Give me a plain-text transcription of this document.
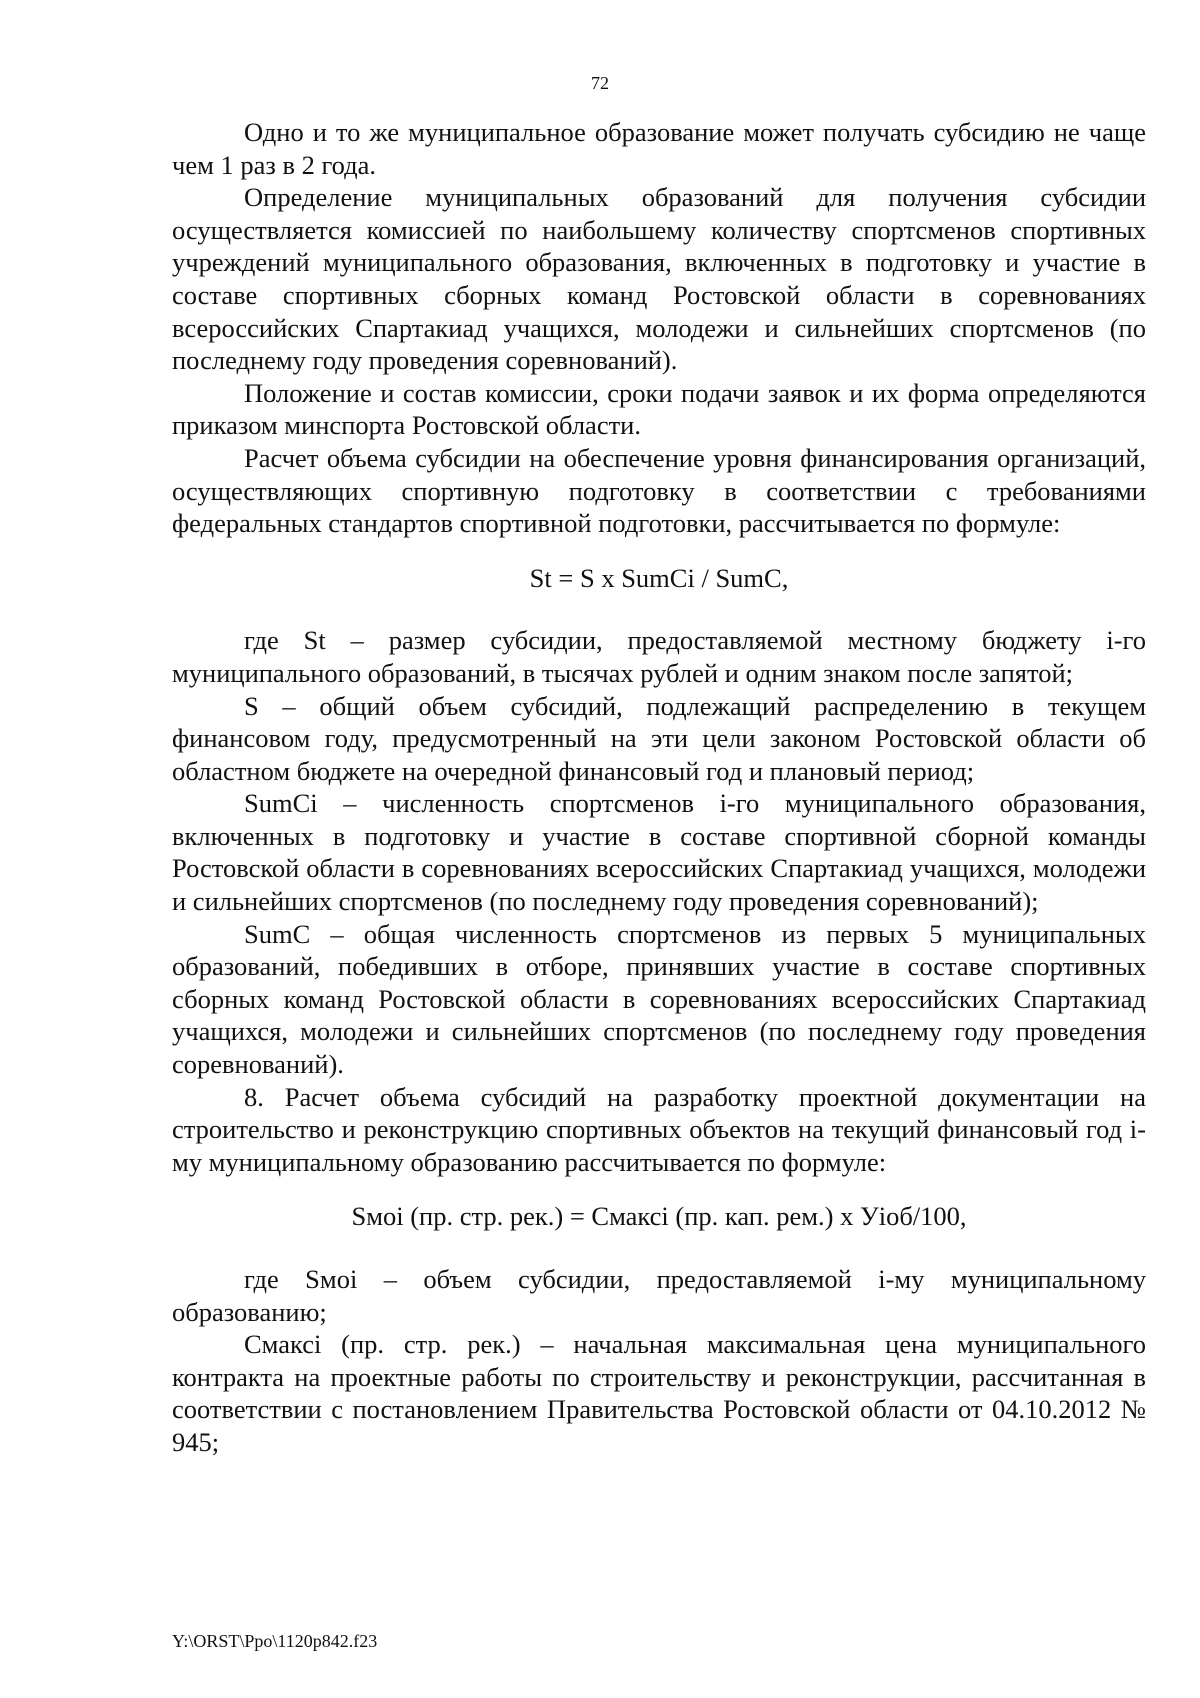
72

Одно и то же муниципальное образование может получать субсидию не чаще чем 1 раз в 2 года.

Определение муниципальных образований для получения субсидии осуществляется комиссией по наибольшему количеству спортсменов спортивных учреждений муниципального образования, включенных в подготовку и участие в составе спортивных сборных команд Ростовской области в соревнованиях всероссийских Спартакиад учащихся, молодежи и сильнейших спортсменов (по последнему году проведения соревнований).

Положение и состав комиссии, сроки подачи заявок и их форма определяются приказом минспорта Ростовской области.

Расчет объема субсидии на обеспечение уровня финансирования организаций, осуществляющих спортивную подготовку в соответствии с требованиями федеральных стандартов спортивной подготовки, рассчитывается по формуле:

St = S x SumCi / SumC,

где St – размер субсидии, предоставляемой местному бюджету i-го муниципального образований, в тысячах рублей и одним знаком после запятой;

S – общий объем субсидий, подлежащий распределению в текущем финансовом году, предусмотренный на эти цели законом Ростовской области об областном бюджете на очередной финансовый год и плановый период;

SumCi – численность спортсменов i-го муниципального образования, включенных в подготовку и участие в составе спортивной сборной команды Ростовской области в соревнованиях всероссийских Спартакиад учащихся, молодежи и сильнейших спортсменов (по последнему году проведения соревнований);

SumC – общая численность спортсменов из первых 5 муниципальных образований, победивших в отборе, принявших участие в составе спортивных сборных команд Ростовской области в соревнованиях всероссийских Спартакиад учащихся, молодежи и сильнейших спортсменов (по последнему году проведения соревнований).

8. Расчет объема субсидий на разработку проектной документации на строительство и реконструкцию спортивных объектов на текущий финансовый год i-му муниципальному образованию рассчитывается по формуле:

Sмоi (пр. стр. рек.) = Смаксi (пр. кап. рем.) x Уioб/100,

где Sмоi – объем субсидии, предоставляемой i-му муниципальному образованию;

Смаксi (пр. стр. рек.) – начальная максимальная цена муниципального контракта на проектные работы по строительству и реконструкции, рассчитанная в соответствии с постановлением Правительства Ростовской области от 04.10.2012 № 945;

Y:\ORST\Ppo\1120p842.f23
